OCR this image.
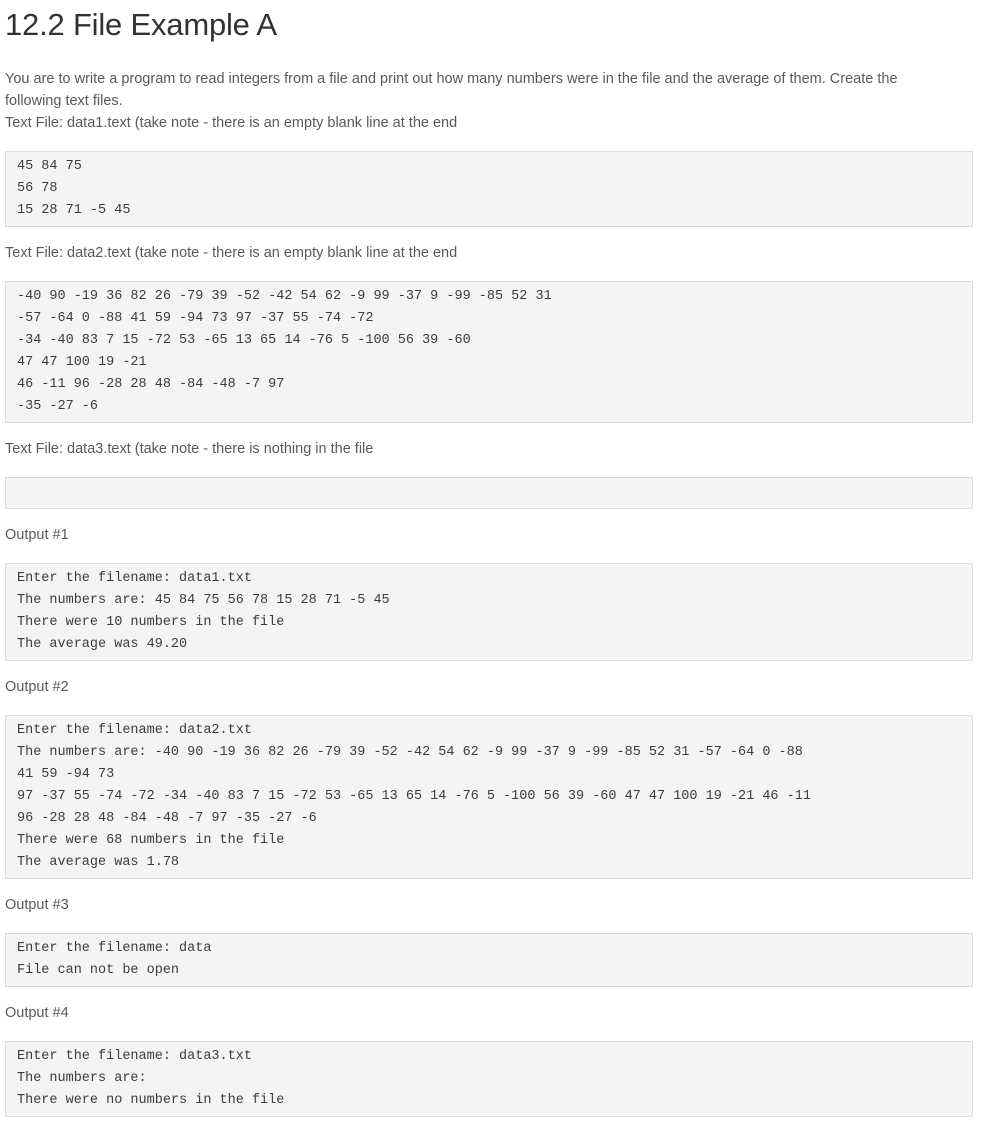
12.2 File Example A

You are to write a program to read integers from a file and print out how many numbers were in the file and the average of them. Create the

following text files.

Text File: data1.text (take note - there is an empty blank line at the end

45 84 75
56 78
15 28 71 -5 45
Text File: data2.text (take note - there is an empty blank line at the end
-40 90 -19 36 82 26 -79 39 -52 -42 54 62 -9 99 -37 9 -99 -85 52 31
-57 -64 0 -88 41 59 -94 73 97 -37 55 -74 -72
-34 -40 83 7 15 -72 53 -65 13 65 14 -76 5 -100 56 39 -60
47 47 100 19 -21
46 -11 96 -28 28 48 -84 -48 -7 97
-35 -27 -6
Text File: data3.text (take note - there is nothing in the file
Output #1
Enter the filename: data1.txt
The numbers are: 45 84 75 56 78 15 28 71 -5 45
There were 10 numbers in the file
The average was 49.20
Output #2
Enter the filename: data2.txt
The numbers are: -40 90 -19 36 82 26 -79 39 -52 -42 54 62 -9 99 -37 9 -99 -85 52 31 -57 -64 0 -88
41 59 -94 73
97 -37 55 -74 -72 -34 -40 83 7 15 -72 53 -65 13 65 14 -76 5 -100 56 39 -60 47 47 100 19 -21 46 -11
96 -28 28 48 -84 -48 -7 97 -35 -27 -6
There were 68 numbers in the file
The average was 1.78
Output #3
Enter the filename: data
File can not be open
Output #4
Enter the filename: data3.txt
The numbers are:
There were no numbers in the file
